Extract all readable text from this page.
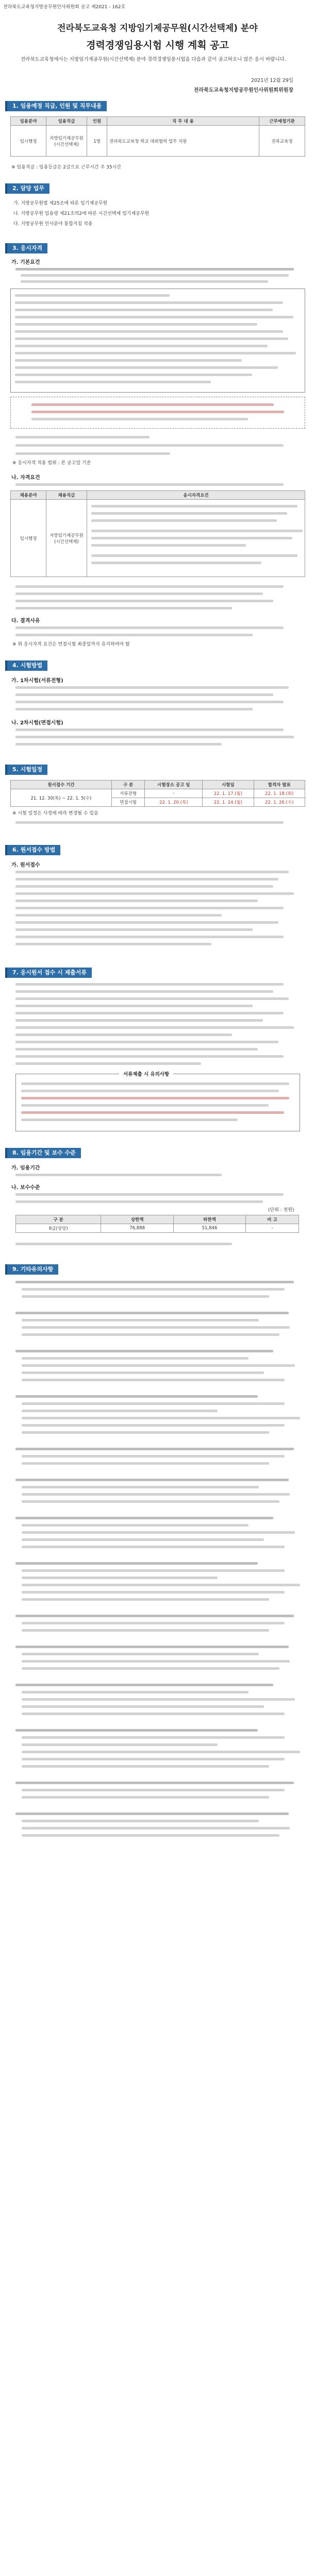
전라북도교육청지방공무원인사위원회 공고 제2021 - 162호
전라북도교육청 지방임기제공무원(시간선택제) 분야
경력경쟁임용시험 시행 계획 공고
전라북도교육청에서는 지방임기제공무원(시간선택제) 분야 경력경쟁임용시험을 다음과 같이 공고하오니 많은 응시 바랍니다.
2021년 12월 29일
전라북도교육청지방공무원인사위원회위원장
1. 임용예정 직급, 인원 및 직무내용
임용분야	임용직급	인원	직 무 내 용	근무예정기관
임시행정	지방임기제공무원(시간선택제)	1명	전라북도교육청 학교 대외협력 업무 지원	전북교육청
※ 임용직급 : 임용등급은 2급으로 근무시간 주 35시간
2. 담당 업무
가. 지방공무원법 제25조에 따른 임기제공무원
나. 지방공무원 임용령 제21조의2에 따른 시간선택제 임기제공무원
다. 지방공무원 인사분야 통합지침 적용
3. 응시자격
가. 기본요건
※ 응시자격 적용 범위 : 본 공고일 기준
나. 자격요건
채용분야	채용직급	응시자격요건
임시행정	지방임기제공무원(시간선택제)	
다. 결격사유
※ 위 응시자격 요건은 면접시험 최종일까지 유지하여야 함
4. 시험방법
가. 1차시험(서류전형)
나. 2차시험(면접시험)
5. 시험일정
원서접수 기간	구 분	시험장소 공고 일	시험일	합격자 발표
21. 12. 30(목) ~ 22. 1. 5(수)	서류전형	-	22. 1. 17.(월)	22. 1. 18.(화)
	면접시험	22. 1. 20.(목)	22. 1. 24.(월)	22. 1. 26.(수)
※ 시험 일정은 사정에 따라 변경될 수 있음
6. 원서접수 방법
가. 원서접수
7. 응시원서 접수 시 제출서류
서류제출 시 유의사항
8. 임용기간 및 보수 수준
가. 임용기간
나. 보수수준
(단위 : 천원)
구 분	상한액	하한액	비 고
6급(상당)	76,888	51,846	-
9. 기타유의사항
